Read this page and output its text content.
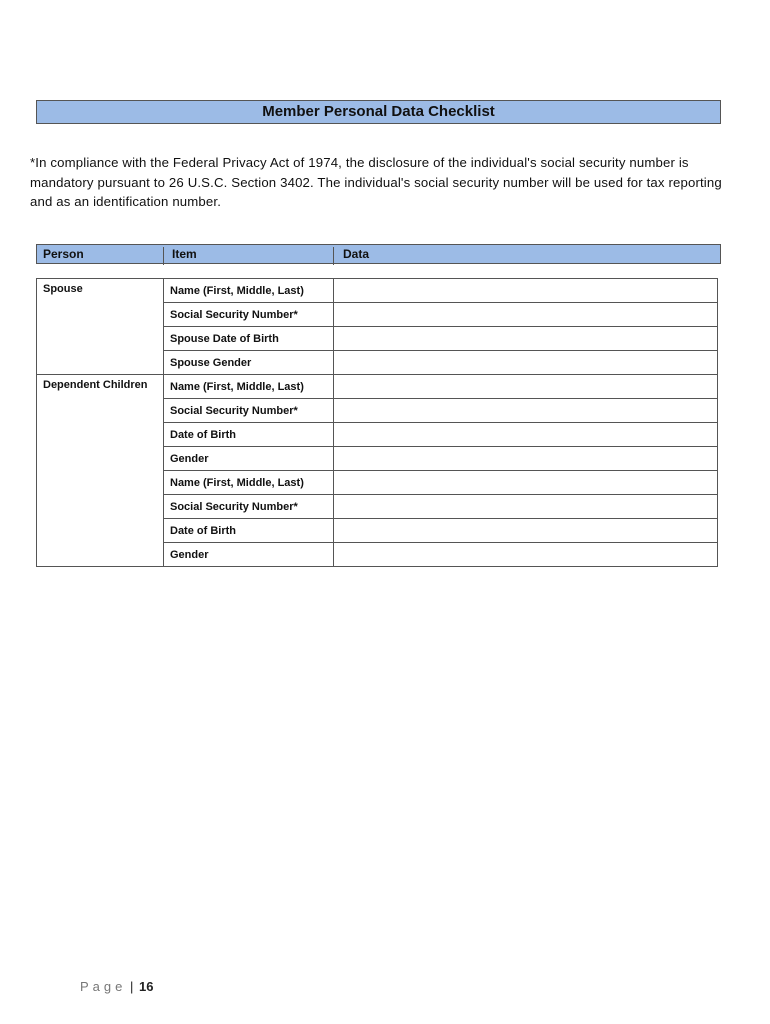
Member Personal Data Checklist
*In compliance with the Federal Privacy Act of 1974, the disclosure of the individual's social security number is mandatory pursuant to 26 U.S.C. Section 3402. The individual's social security number will be used for tax reporting and as an identification number.
Person	Item	Data
Spouse	Name (First, Middle, Last)	
	Social Security Number*	
	Spouse Date of Birth	
	Spouse Gender	
Dependent Children	Name (First, Middle, Last)	
	Social Security Number*	
	Date of Birth	
	Gender	
	Name (First, Middle, Last)	
	Social Security Number*	
	Date of Birth	
	Gender	
Page | 16
